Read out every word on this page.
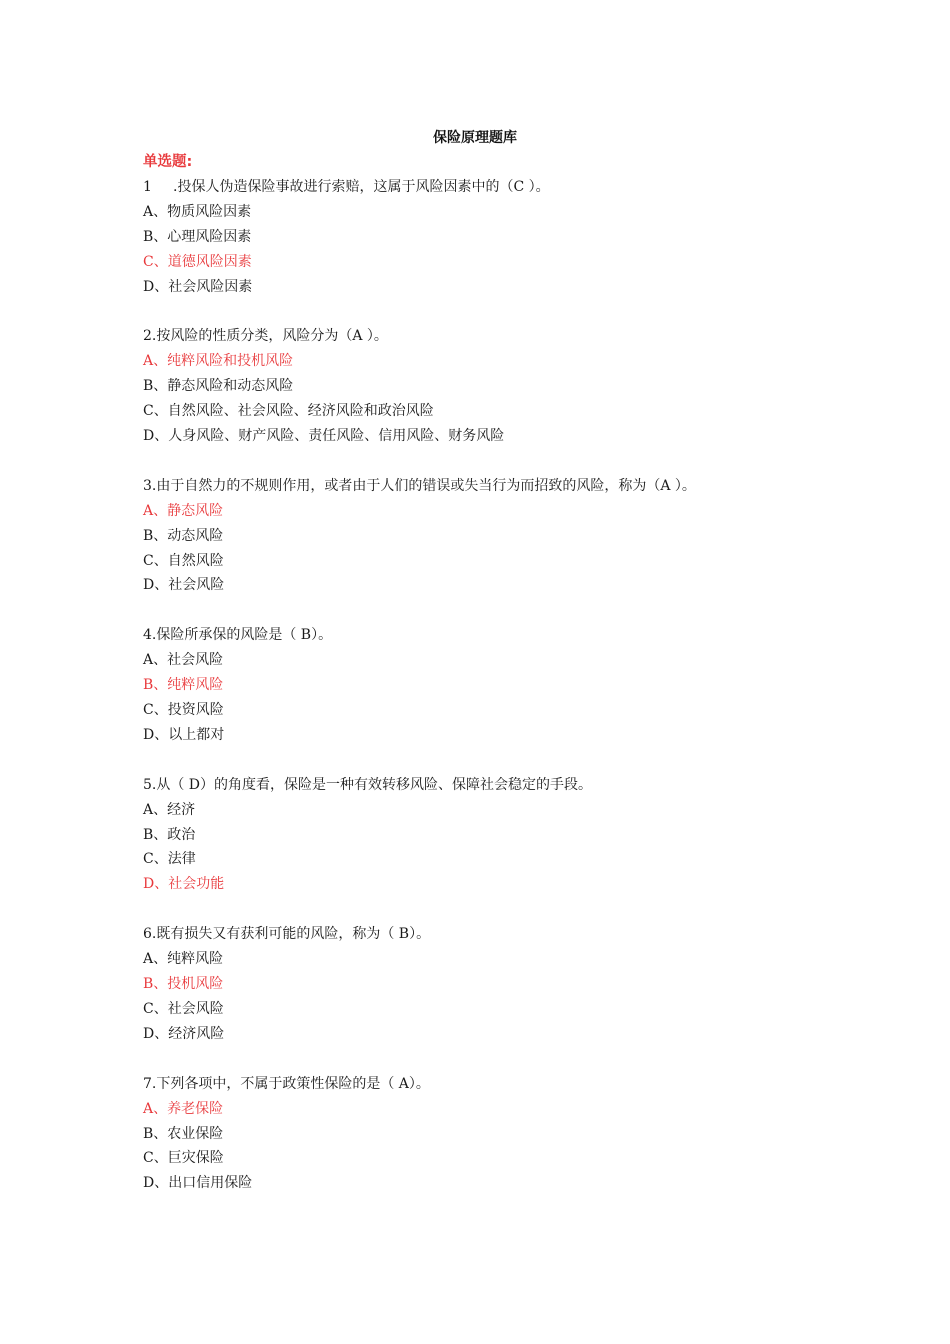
保险原理题库
单选题:
1 .投保人伪造保险事故进行索赔，这属于风险因素中的（C ）。
A、物质风险因素
B、心理风险因素
C、道德风险因素
D、社会风险因素
2.按风险的性质分类，风险分为（A ）。
A、纯粹风险和投机风险
B、静态风险和动态风险
C、自然风险、社会风险、经济风险和政治风险
D、人身风险、财产风险、责任风险、信用风险、财务风险
3.由于自然力的不规则作用，或者由于人们的错误或失当行为而招致的风险，称为（A ）。
A、静态风险
B、动态风险
C、自然风险
D、社会风险
4.保险所承保的风险是（ B）。
A、社会风险
B、纯粹风险
C、投资风险
D、以上都对
5.从（ D）的角度看，保险是一种有效转移风险、保障社会稳定的手段。
A、经济
B、政治
C、法律
D、社会功能
6.既有损失又有获利可能的风险，称为（ B）。
A、纯粹风险
B、投机风险
C、社会风险
D、经济风险
7.下列各项中，不属于政策性保险的是（ A）。
A、养老保险
B、农业保险
C、巨灾保险
D、出口信用保险
